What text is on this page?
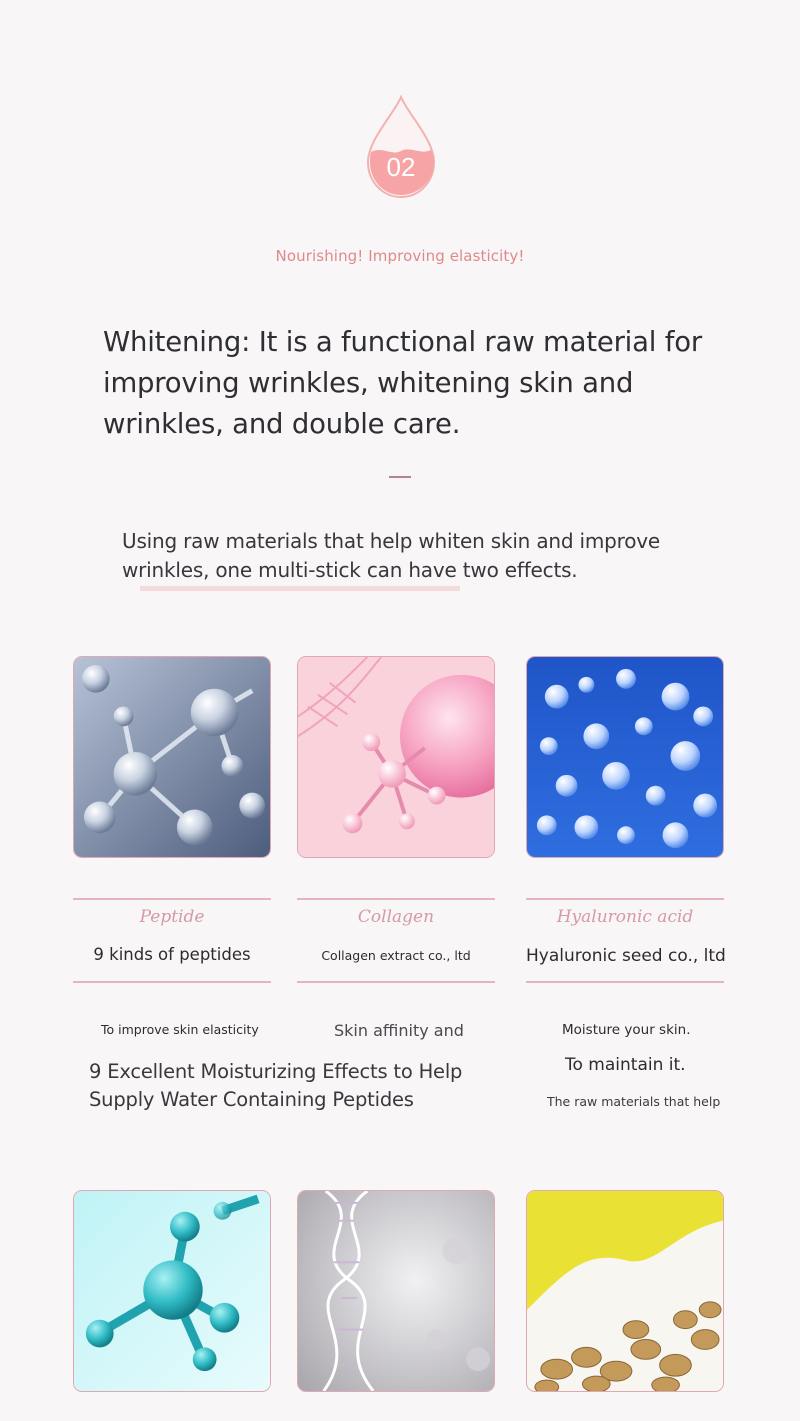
02
Nourishing! Improving elasticity!
Whitening: It is a functional raw material for improving wrinkles, whitening skin and wrinkles, and double care.
Using raw materials that help whiten skin and improve wrinkles, one multi-stick can have two effects.
Peptide	Collagen	Hyaluronic acid
9 kinds of peptides	Collagen extract co., ltd	Hyaluronic seed co., ltd
To improve skin elasticity	Skin affinity and	Moisture your skin.
9 Excellent Moisturizing Effects to Help Supply Water Containing Peptides
To maintain it.
The raw materials that help
